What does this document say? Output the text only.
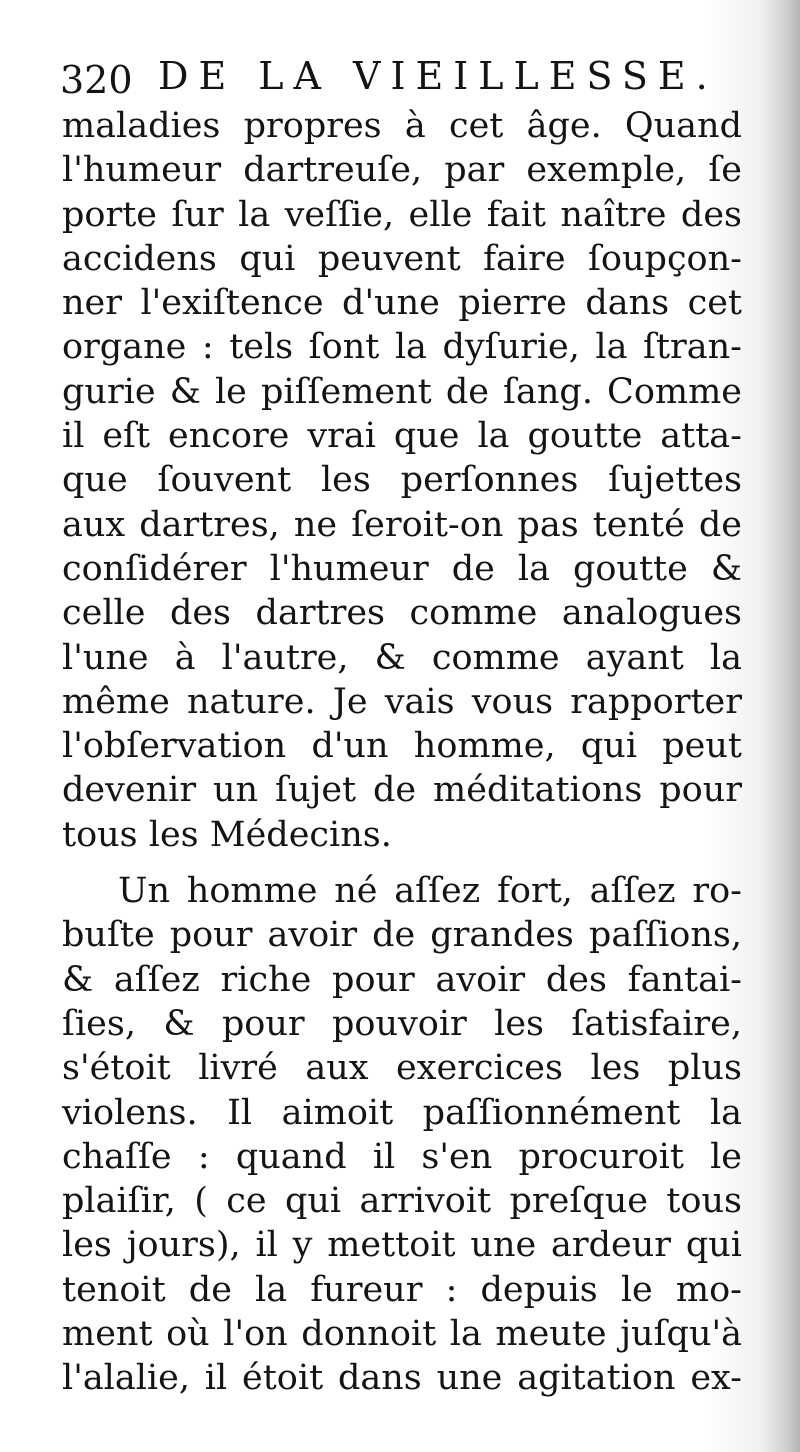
320 DE LA VIEILLESSE.
maladies propres à cet âge. Quand
l'humeur dartreuſe, par exemple, ſe
porte ſur la veſſie, elle fait naître des
accidens qui peuvent faire ſoupçon-
ner l'exiſtence d'une pierre dans cet
organe : tels ſont la dyſurie, la ſtran-
gurie & le piſſement de ſang. Comme
il eſt encore vrai que la goutte atta-
que ſouvent les perſonnes ſujettes
aux dartres, ne ſeroit-on pas tenté de
conſidérer l'humeur de la goutte &
celle des dartres comme analogues
l'une à l'autre, & comme ayant la
même nature. Je vais vous rapporter
l'obſervation d'un homme, qui peut
devenir un ſujet de méditations pour
tous les Médecins.
Un homme né aſſez fort, aſſez ro-
buſte pour avoir de grandes paſſions,
& aſſez riche pour avoir des fantai-
ſies, & pour pouvoir les ſatisfaire,
s'étoit livré aux exercices les plus
violens. Il aimoit paſſionnément la
chaſſe : quand il s'en procuroit le
plaiſir, ( ce qui arrivoit preſque tous
les jours), il y mettoit une ardeur qui
tenoit de la fureur : depuis le mo-
ment où l'on donnoit la meute juſqu'à
l'alalie, il étoit dans une agitation ex-
